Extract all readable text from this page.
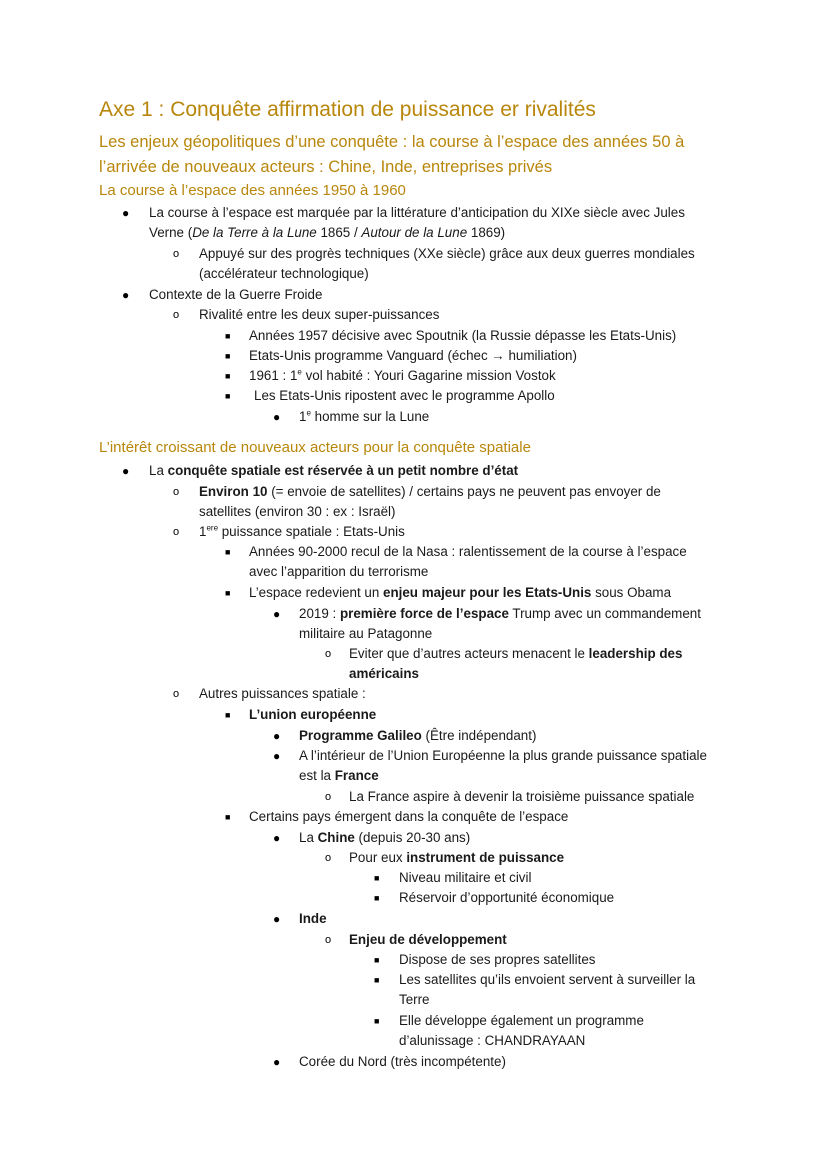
Axe 1 : Conquête affirmation de puissance er rivalités
Les enjeux géopolitiques d’une conquête : la course à l’espace des années 50 à
l’arrivée de nouveaux acteurs : Chine, Inde, entreprises privés
La course à l’espace des années 1950 à 1960
● La course à l’espace est marquée par la littérature d’anticipation du XIXe siècle avec Jules
Verne (De la Terre à la Lune 1865 / Autour de la Lune 1869)
o Appuyé sur des progrès techniques (XXe siècle) grâce aux deux guerres mondiales
(accélérateur technologique)
● Contexte de la Guerre Froide
o Rivalité entre les deux super-puissances
■ Années 1957 décisive avec Spoutnik (la Russie dépasse les Etats-Unis)
■ Etats-Unis programme Vanguard (échec → humiliation)
■ 1961 : 1e vol habité : Youri Gagarine mission Vostok
■ Les Etats-Unis ripostent avec le programme Apollo
● 1e homme sur la Lune
L’intérêt croissant de nouveaux acteurs pour la conquête spatiale
● La conquête spatiale est réservée à un petit nombre d’état
o Environ 10 (= envoie de satellites) / certains pays ne peuvent pas envoyer de
satellites (environ 30 : ex : Israël)
o 1ere puissance spatiale : Etats-Unis
■ Années 90-2000 recul de la Nasa : ralentissement de la course à l’espace
avec l’apparition du terrorisme
■ L’espace redevient un enjeu majeur pour les Etats-Unis sous Obama
● 2019 : première force de l’espace Trump avec un commandement
militaire au Patagonne
o Eviter que d’autres acteurs menacent le leadership des
américains
o Autres puissances spatiale :
■ L’union européenne
● Programme Galileo (Être indépendant)
● A l’intérieur de l’Union Européenne la plus grande puissance spatiale
est la France
o La France aspire à devenir la troisième puissance spatiale
■ Certains pays émergent dans la conquête de l’espace
● La Chine (depuis 20-30 ans)
o Pour eux instrument de puissance
■ Niveau militaire et civil
■ Réservoir d’opportunité économique
● Inde
o Enjeu de développement
■ Dispose de ses propres satellites
■ Les satellites qu’ils envoient servent à surveiller la
Terre
■ Elle développe également un programme
d’alunissage : CHANDRAYAAN
● Corée du Nord (très incompétente)
